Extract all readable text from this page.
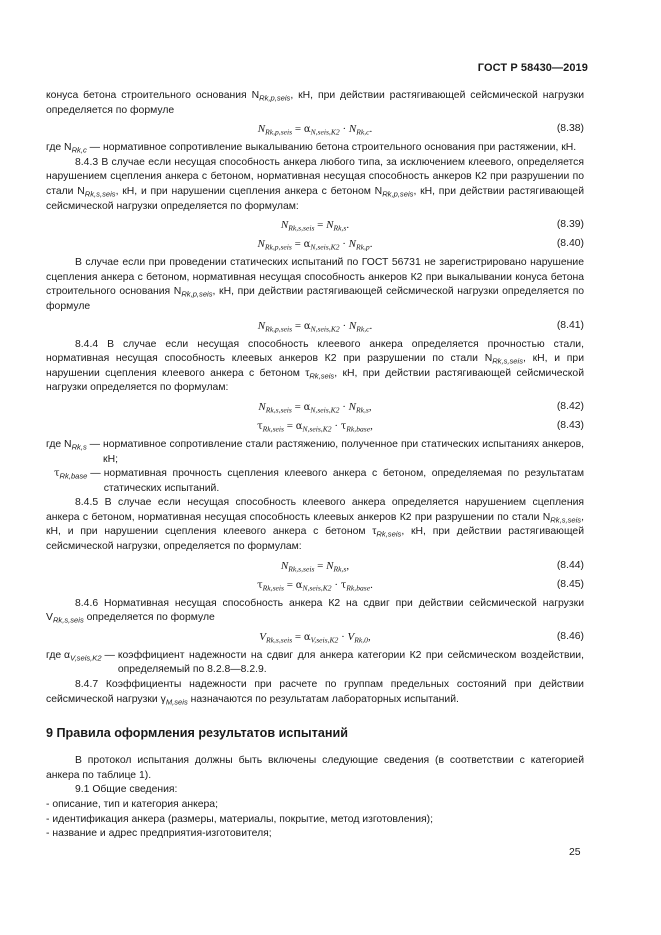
ГОСТ Р 58430—2019

конуса бетона строительного основания $N_{Rk,p,seis}$, кН, при действии растягивающей сейсмической нагрузки определяется по формуле

$N_{Rk,p,seis} = \alpha_{N,seis,K2} \cdot N_{Rk,c}$.	(8.38)
где $N_{Rk,c}$ — нормативное сопротивление выкалыванию бетона строительного основания при растяжении, кН.

8.4.3 В случае если несущая способность анкера любого типа, за исключением клеевого, определяется нарушением сцепления анкера с бетоном, нормативная несущая способность анкеров К2 при разрушении по стали $N_{Rk,s,seis}$, кН, и при нарушении сцепления анкера с бетоном $N_{Rk,p,seis}$, кН, при действии растягивающей сейсмической нагрузки определяется по формулам:

$N_{Rk,s,seis} = N_{Rk,s}$.	(8.39)
$N_{Rk,p,seis} = \alpha_{N,seis,K2} \cdot N_{Rk,p}$.	(8.40)

В случае если при проведении статических испытаний по ГОСТ 56731 не зарегистрировано нарушение сцепления анкера с бетоном, нормативная несущая способность анкеров К2 при выкалывании конуса бетона строительного основания $N_{Rk,p,seis}$, кН, при действии растягивающей сейсмической нагрузки определяется по формуле

$N_{Rk,p,seis} = \alpha_{N,seis,K2} \cdot N_{Rk,c}$.	(8.41)

8.4.4 В случае если несущая способность клеевого анкера определяется прочностью стали, нормативная несущая способность клеевых анкеров К2 при разрушении по стали $N_{Rk,s,seis}$, кН, и при нарушении сцепления клеевого анкера с бетоном $\tau_{Rk,seis}$, кН, при действии растягивающей сейсмической нагрузки определяется по формулам:

$N_{Rk,s,seis} = \alpha_{N,seis,K2} \cdot N_{Rk,s}$,	(8.42)
$\tau_{Rk,seis} = \alpha_{N,seis,K2} \cdot \tau_{Rk,base}$,	(8.43)
где $N_{Rk,s}$ — нормативное сопротивление стали растяжению, полученное при статических испытаниях анкеров, кН;
$\tau_{Rk,base}$ — нормативная прочность сцепления клеевого анкера с бетоном, определяемая по результатам статических испытаний.

8.4.5 В случае если несущая способность клеевого анкера определяется нарушением сцепления анкера с бетоном, нормативная несущая способность клеевых анкеров К2 при разрушении по стали $N_{Rk,s,seis}$, кН, и при нарушении сцепления клеевого анкера с бетоном $\tau_{Rk,seis}$, кН, при действии растягивающей сейсмической нагрузки, определяется по формулам:

$N_{Rk,s,seis} = N_{Rk,s}$,	(8.44)
$\tau_{Rk,seis} = \alpha_{N,seis,K2} \cdot \tau_{Rk,base}$.	(8.45)

8.4.6 Нормативная несущая способность анкера К2 на сдвиг при действии сейсмической нагрузки $V_{Rk,s,seis}$ определяется по формуле

$V_{Rk,s,seis} = \alpha_{V,seis,K2} \cdot V_{Rk,0}$,	(8.46)
где $\alpha_{V,seis,K2}$ — коэффициент надежности на сдвиг для анкера категории К2 при сейсмическом воздействии, определяемый по 8.2.8—8.2.9.

8.4.7 Коэффициенты надежности при расчете по группам предельных состояний при действии сейсмической нагрузки $\gamma_{M,seis}$ назначаются по результатам лабораторных испытаний.

9 Правила оформления результатов испытаний

В протокол испытания должны быть включены следующие сведения (в соответствии с категорией анкера по таблице 1).

9.1 Общие сведения:

- описание, тип и категория анкера;

- идентификация анкера (размеры, материалы, покрытие, метод изготовления);

- название и адрес предприятия-изготовителя;

25
